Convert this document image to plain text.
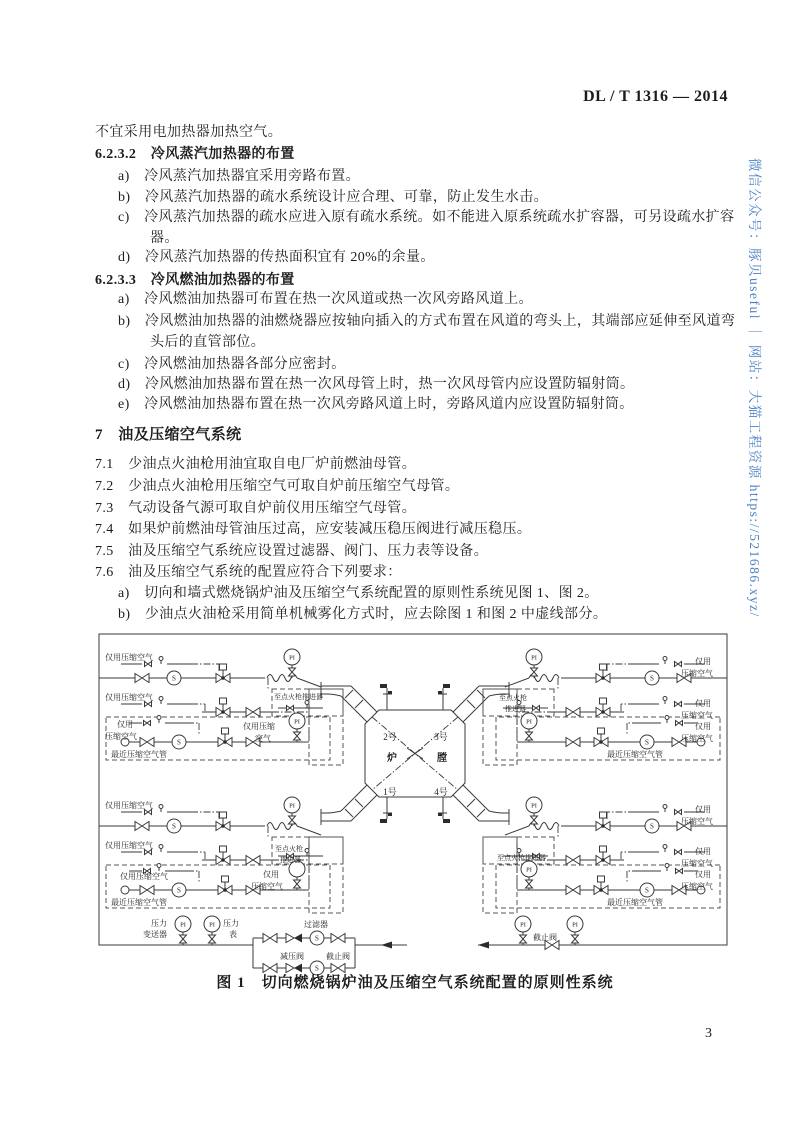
DL / T 1316 — 2014
不宜采用电加热器加热空气。
6.2.3.2　冷风蒸汽加热器的布置
a)　冷风蒸汽加热器宜采用旁路布置。
b)　冷风蒸汽加热器的疏水系统设计应合理、可靠，防止发生水击。
c)　冷风蒸汽加热器的疏水应进入原有疏水系统。如不能进入原系统疏水扩容器，可另设疏水扩容
器。
d)　冷风蒸汽加热器的传热面积宜有 20%的余量。
6.2.3.3　冷风燃油加热器的布置
a)　冷风燃油加热器可布置在热一次风道或热一次风旁路风道上。
b)　冷风燃油加热器的油燃烧器应按轴向插入的方式布置在风道的弯头上，其端部应延伸至风道弯
头后的直管部位。
c)　冷风燃油加热器各部分应密封。
d)　冷风燃油加热器布置在热一次风母管上时，热一次风母管内应设置防辐射筒。
e)　冷风燃油加热器布置在热一次风旁路风道上时，旁路风道内应设置防辐射筒。
7　油及压缩空气系统
7.1　少油点火油枪用油宜取自电厂炉前燃油母管。
7.2　少油点火油枪用压缩空气可取自炉前压缩空气母管。
7.3　气动设备气源可取自炉前仪用压缩空气母管。
7.4　如果炉前燃油母管油压过高，应安装减压稳压阀进行减压稳压。
7.5　油及压缩空气系统应设置过滤器、阀门、压力表等设备。
7.6　油及压缩空气系统的配置应符合下列要求：
a)　切向和墙式燃烧锅炉油及压缩空气系统配置的原则性系统见图 1、图 2。
b)　少油点火油枪采用简单机械雾化方式时，应去除图 1 和图 2 中虚线部分。
仅用压缩空气
仅用压缩空气
仅用
压缩空气
仅用压缩
空气
最近压缩空气管
至点火枪推进器
PI
PI
S
S
仅用
压缩空气
仅用
压缩空气
仅用
压缩空气
最近压缩空气管
至点火枪
推进器
PI
PI
S
S
仅用压缩空气
仅用压缩空气
仅用压缩空气	仅用
压缩空气
最近压缩空气管
至点火枪
推进器
PI
S
S
仅用
压缩空气
仅用
压缩空气
仅用
压缩空气
最近压缩空气管
至点火枪推进器
PI
PI
S
S
2号	3号
1号	4号
炉	膛
压力
变送器
压力
表
过滤器
减压阀	截止阀
截止阀
PI	PI	PI	PI
S
S
图 1　切向燃烧锅炉油及压缩空气系统配置的原则性系统
3
微信公众号：豚贝useful ｜ 网站：大猫工程资源 https://521686.xyz/
